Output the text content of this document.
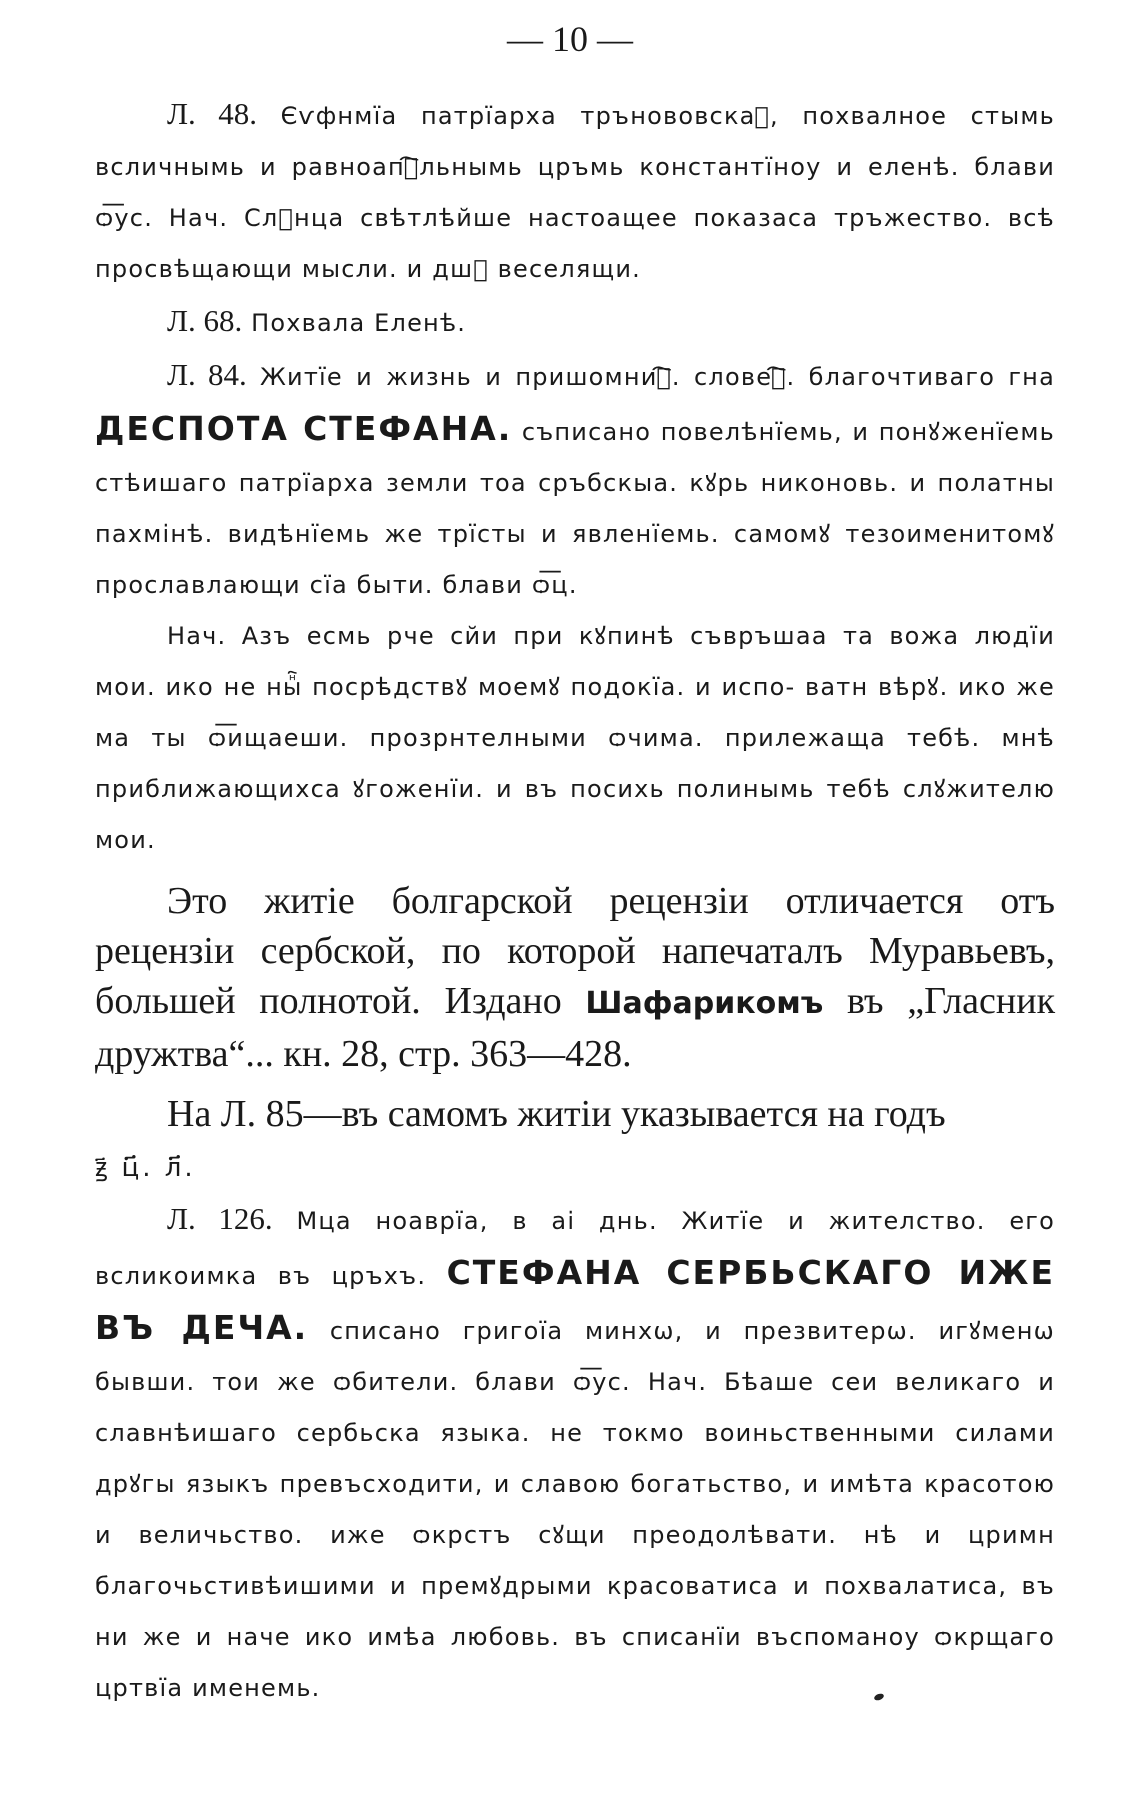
— 10 —

Л. 48. Єѵфнмїа патрїарха трънововскаⷢ, похвалное стымь всличнымь и равноапⷭ҇льнымь цръмь константїноу и еленѣ. блави ѻ͞ус. Нач. Слꙋнца свѣтлѣйше настоащее показаса тръжество. всѣ просвѣщающи мысли. и дшꙋ веселящи.

Л. 68. Похвала Еленѣ.

Л. 84. Житїе и жизнь и пришомниⷭ҇. словеⷭ҇. благочтиваго гна ДЕСПОТА СТЕФАНА. съписано повелѣнїемь, и понꙋженїемь стѣишаго патрїарха земли тоа сръбскыа. кꙋрь никоновь. и полатны пахмінѣ. видѣнїемь же трїсты и явленїемь. самомꙋ тезоименитомꙋ прославлающи сїа быти. блави ѻ͞ц.

Нач. Азъ есмь рче сйи при кꙋпинѣ съвръшаа та вожа людїи мои. ико не ныⷩ҇ посрѣдствꙋ моемꙋ подокїа. и испо- ватн вѣрꙋ. ико же ма ты ѻ͞ищаеши. прозрнтелными ѻчима. прилежаща тебѣ. мнѣ приближающихса ꙋгоженїи. и въ посихь полинымь тебѣ слꙋжителю мои.

Это житiе болгарской рецензiи отличается отъ рецензiи сербской, по которой напечаталъ Муравьевъ, большей полнотой. Издано Шафарикомъ въ „Гласник дружтва“... кн. 28, стр. 363—428.

На Л. 85—въ самомъ житiи указывается на годъ
ꙃ҃ ц҃. л҃.

Л. 126. Мца ноаврїа, в аі днь. Житїе и жителство. его всликоимка въ цръхъ. СТЕФАНА СЕРБЬСКАГО ИЖЕ ВЪ ДЕЧА. списано григоїа минхѡ, и презвитерѡ. игꙋменѡ бывши. тои же ѻбители. блави ѻ͞ус. Нач. Бѣаше сеи великаго и славнѣишаго сербьска языка. не токмо воиньственными силами дрꙋгы языкъ превъсходити, и славою богатьство, и имѣта красотою и величьство. иже ѻкрстъ сꙋщи преодолѣвати. нѣ и цримн благочьстивѣишими и премꙋдрыми красоватиса и похвалатиса, въ ни же и наче ико имѣа любовь. въ списанїи въспоманоу ѻкрщаго цртвїа именемь.
